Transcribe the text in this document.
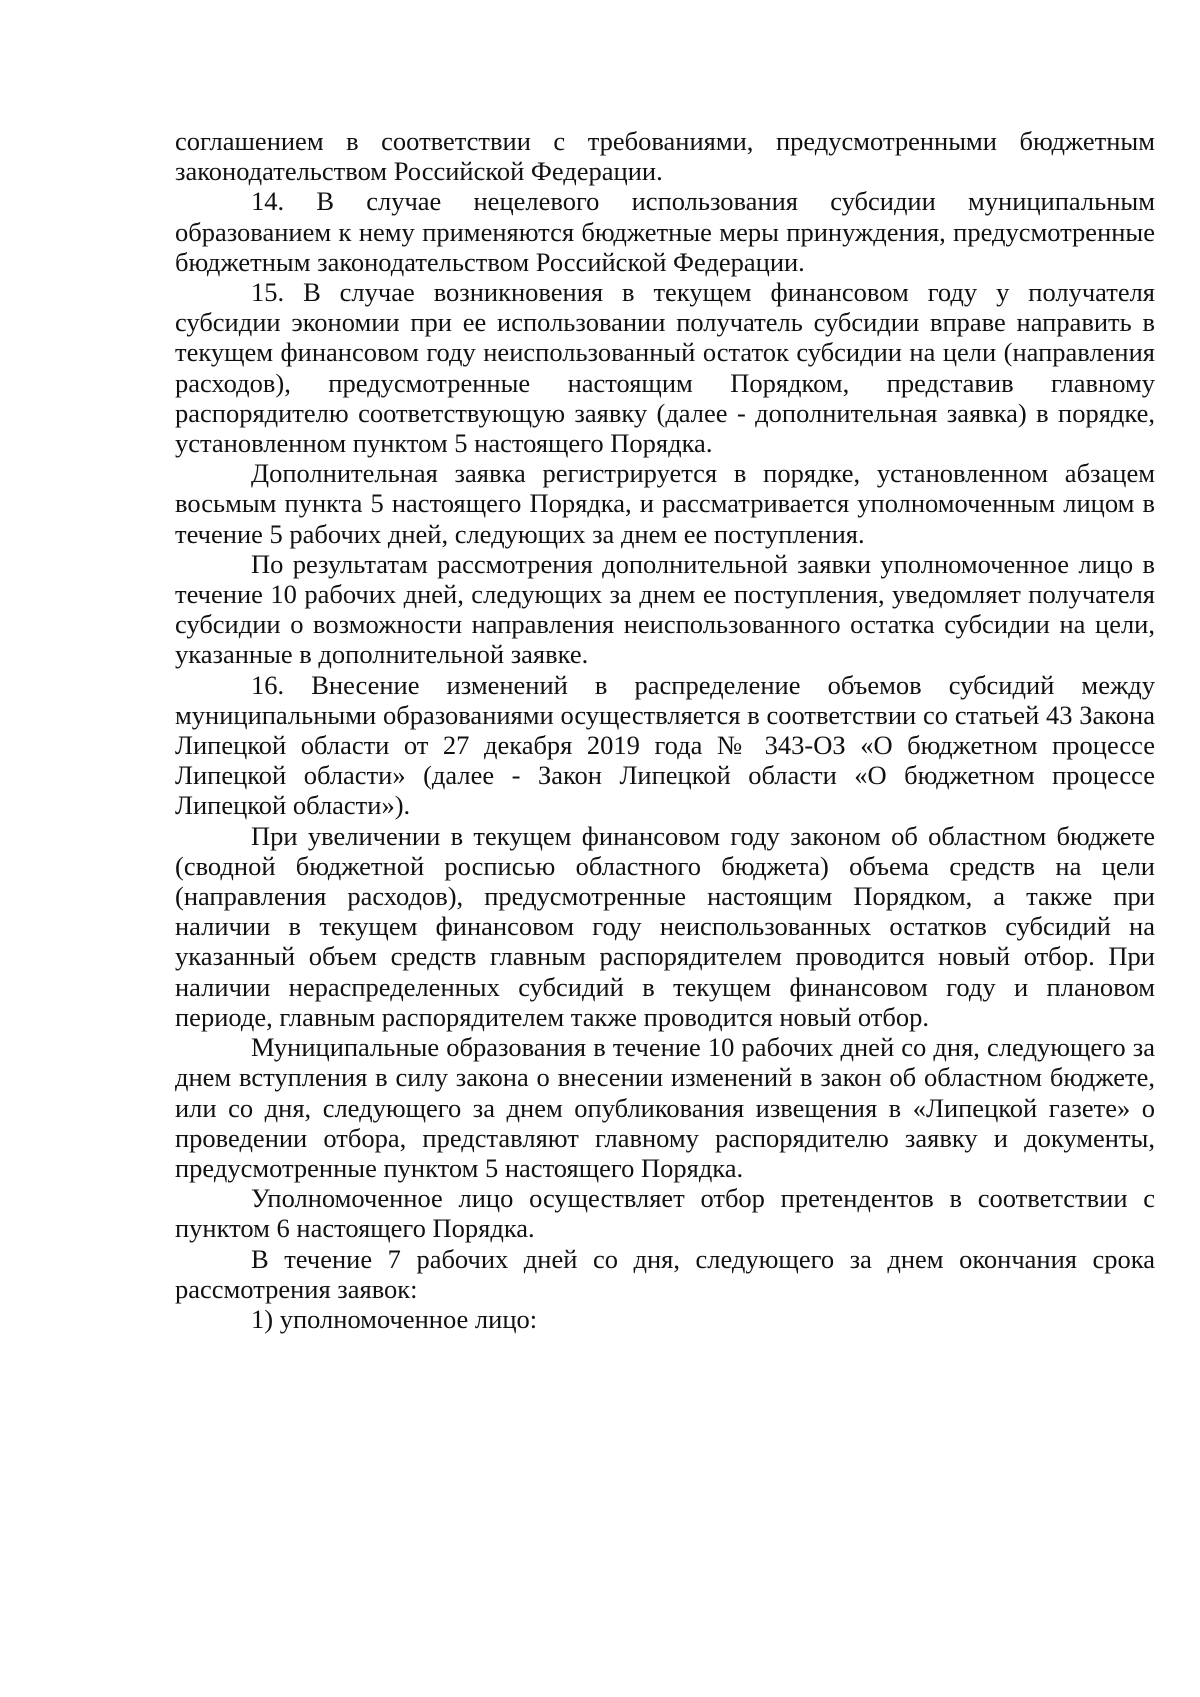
соглашением в соответствии с требованиями, предусмотренными бюджетным законодательством Российской Федерации.

14. В случае нецелевого использования субсидии муниципальным образованием к нему применяются бюджетные меры принуждения, предусмотренные бюджетным законодательством Российской Федерации.

15. В случае возникновения в текущем финансовом году у получателя субсидии экономии при ее использовании получатель субсидии вправе направить в текущем финансовом году неиспользованный остаток субсидии на цели (направления расходов), предусмотренные настоящим Порядком, представив главному распорядителю соответствующую заявку (далее - дополнительная заявка) в порядке, установленном пунктом 5 настоящего Порядка.

Дополнительная заявка регистрируется в порядке, установленном абзацем восьмым пункта 5 настоящего Порядка, и рассматривается уполномоченным лицом в течение 5 рабочих дней, следующих за днем ее поступления.

По результатам рассмотрения дополнительной заявки уполномоченное лицо в течение 10 рабочих дней, следующих за днем ее поступления, уведомляет получателя субсидии о возможности направления неиспользованного остатка субсидии на цели, указанные в дополнительной заявке.

16. Внесение изменений в распределение объемов субсидий между муниципальными образованиями осуществляется в соответствии со статьей 43 Закона Липецкой области от 27 декабря 2019 года № 343-ОЗ «О бюджетном процессе Липецкой области» (далее - Закон Липецкой области «О бюджетном процессе Липецкой области»).

При увеличении в текущем финансовом году законом об областном бюджете (сводной бюджетной росписью областного бюджета) объема средств на цели (направления расходов), предусмотренные настоящим Порядком, а также при наличии в текущем финансовом году неиспользованных остатков субсидий на указанный объем средств главным распорядителем проводится новый отбор. При наличии нераспределенных субсидий в текущем финансовом году и плановом периоде, главным распорядителем также проводится новый отбор.

Муниципальные образования в течение 10 рабочих дней со дня, следующего за днем вступления в силу закона о внесении изменений в закон об областном бюджете, или со дня, следующего за днем опубликования извещения в «Липецкой газете» о проведении отбора, представляют главному распорядителю заявку и документы, предусмотренные пунктом 5 настоящего Порядка.

Уполномоченное лицо осуществляет отбор претендентов в соответствии с пунктом 6 настоящего Порядка.

В течение 7 рабочих дней со дня, следующего за днем окончания срока рассмотрения заявок:

1) уполномоченное лицо:
